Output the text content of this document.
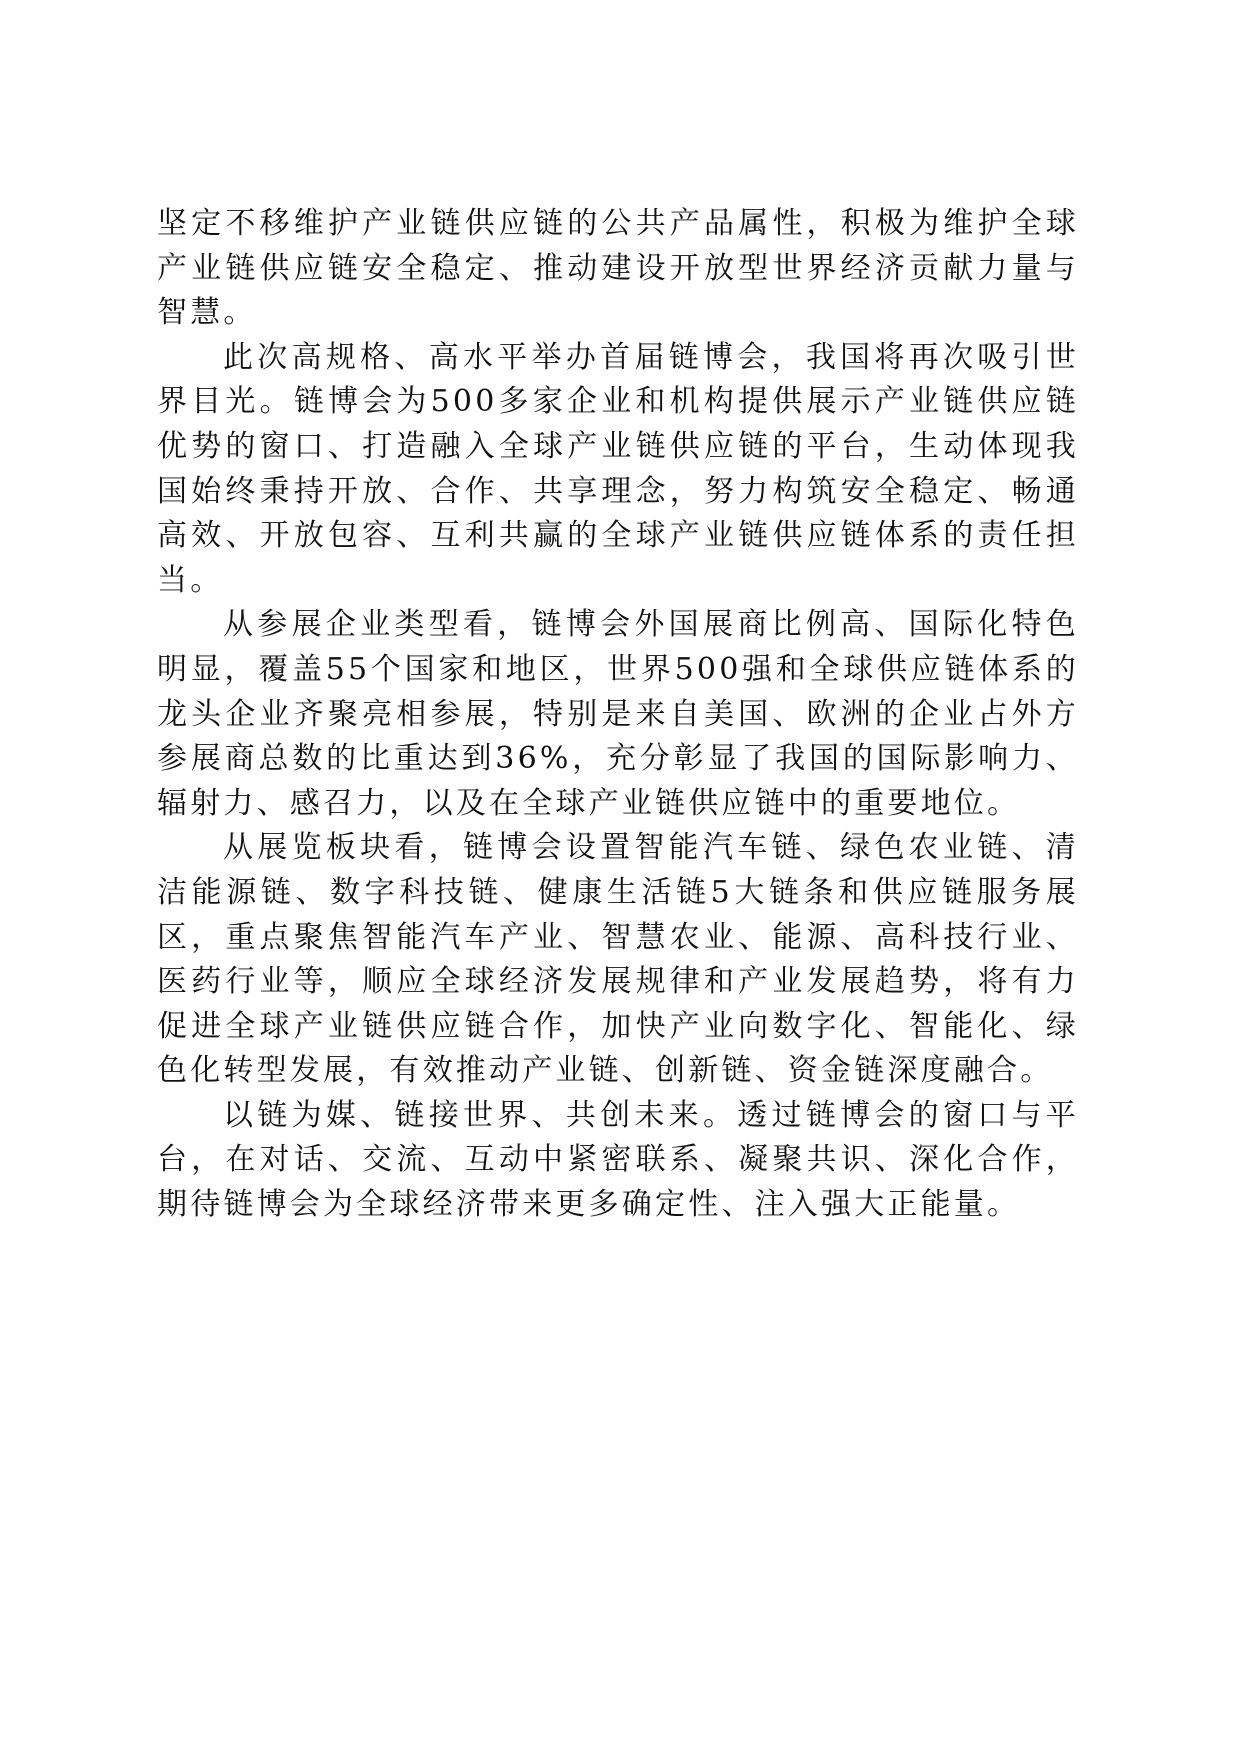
坚定不移维护产业链供应链的公共产品属性，积极为维护全球产业链供应链安全稳定、推动建设开放型世界经济贡献力量与智慧。

此次高规格、高水平举办首届链博会，我国将再次吸引世界目光。链博会为500多家企业和机构提供展示产业链供应链优势的窗口、打造融入全球产业链供应链的平台，生动体现我国始终秉持开放、合作、共享理念，努力构筑安全稳定、畅通高效、开放包容、互利共赢的全球产业链供应链体系的责任担当。

从参展企业类型看，链博会外国展商比例高、国际化特色明显，覆盖55个国家和地区，世界500强和全球供应链体系的龙头企业齐聚亮相参展，特别是来自美国、欧洲的企业占外方参展商总数的比重达到36%，充分彰显了我国的国际影响力、辐射力、感召力，以及在全球产业链供应链中的重要地位。

从展览板块看，链博会设置智能汽车链、绿色农业链、清洁能源链、数字科技链、健康生活链5大链条和供应链服务展区，重点聚焦智能汽车产业、智慧农业、能源、高科技行业、医药行业等，顺应全球经济发展规律和产业发展趋势，将有力促进全球产业链供应链合作，加快产业向数字化、智能化、绿色化转型发展，有效推动产业链、创新链、资金链深度融合。

以链为媒、链接世界、共创未来。透过链博会的窗口与平台，在对话、交流、互动中紧密联系、凝聚共识、深化合作，期待链博会为全球经济带来更多确定性、注入强大正能量。
